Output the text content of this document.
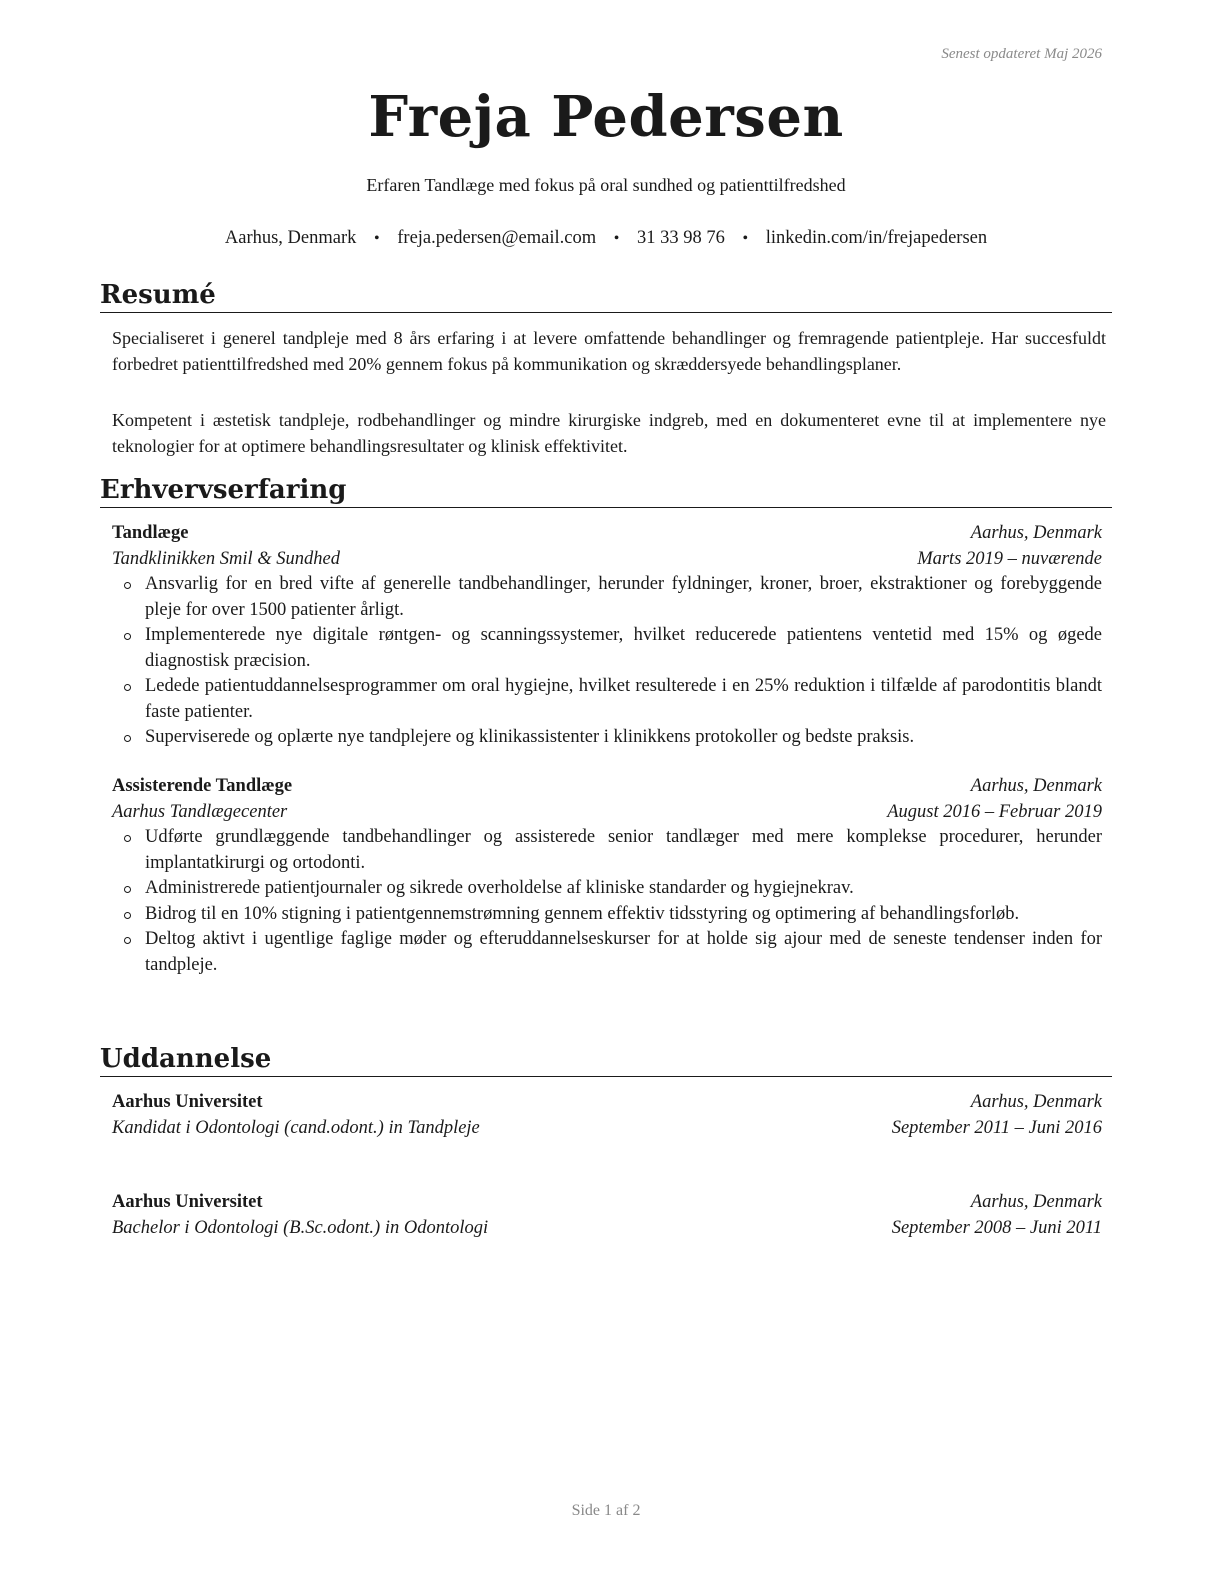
Senest opdateret Maj 2026
Freja Pedersen
Erfaren Tandlæge med fokus på oral sundhed og patienttilfredshed
Aarhus, Denmark • freja.pedersen@email.com • 31 33 98 76 • linkedin.com/in/frejapedersen
Resumé

Specialiseret i generel tandpleje med 8 års erfaring i at levere omfattende behandlinger og fremragende patientpleje. Har succesfuldt forbedret patienttilfredshed med 20% gennem fokus på kommunikation og skræddersyede behandlingsplaner.

Kompetent i æstetisk tandpleje, rodbehandlinger og mindre kirurgiske indgreb, med en dokumenteret evne til at implementere nye teknologier for at optimere behandlingsresultater og klinisk effektivitet.

Erhvervserfaring
Tandlæge	Aarhus, Denmark
Tandklinikken Smil & Sundhed	Marts 2019 – nuværende
Ansvarlig for en bred vifte af generelle tandbehandlinger, herunder fyldninger, kroner, broer, ekstraktioner og forebyggende pleje for over 1500 patienter årligt.
Implementerede nye digitale røntgen- og scanningssystemer, hvilket reducerede patientens ventetid med 15% og øgede diagnostisk præcision.
Ledede patientuddannelsesprogrammer om oral hygiejne, hvilket resulterede i en 25% reduktion i tilfælde af parodontitis blandt faste patienter.
Superviserede og oplærte nye tandplejere og klinikassistenter i klinikkens protokoller og bedste praksis.
Assisterende Tandlæge	Aarhus, Denmark
Aarhus Tandlægecenter	August 2016 – Februar 2019
Udførte grundlæggende tandbehandlinger og assisterede senior tandlæger med mere komplekse procedurer, herunder implantatkirurgi og ortodonti.
Administrerede patientjournaler og sikrede overholdelse af kliniske standarder og hygiejnekrav.
Bidrog til en 10% stigning i patientgennemstrømning gennem effektiv tidsstyring og optimering af behandlingsforløb.
Deltog aktivt i ugentlige faglige møder og efteruddannelseskurser for at holde sig ajour med de seneste tendenser inden for tandpleje.
Uddannelse
Aarhus Universitet	Aarhus, Denmark
Kandidat i Odontologi (cand.odont.) in Tandpleje	September 2011 – Juni 2016
Aarhus Universitet	Aarhus, Denmark
Bachelor i Odontologi (B.Sc.odont.) in Odontologi	September 2008 – Juni 2011
Side 1 af 2
